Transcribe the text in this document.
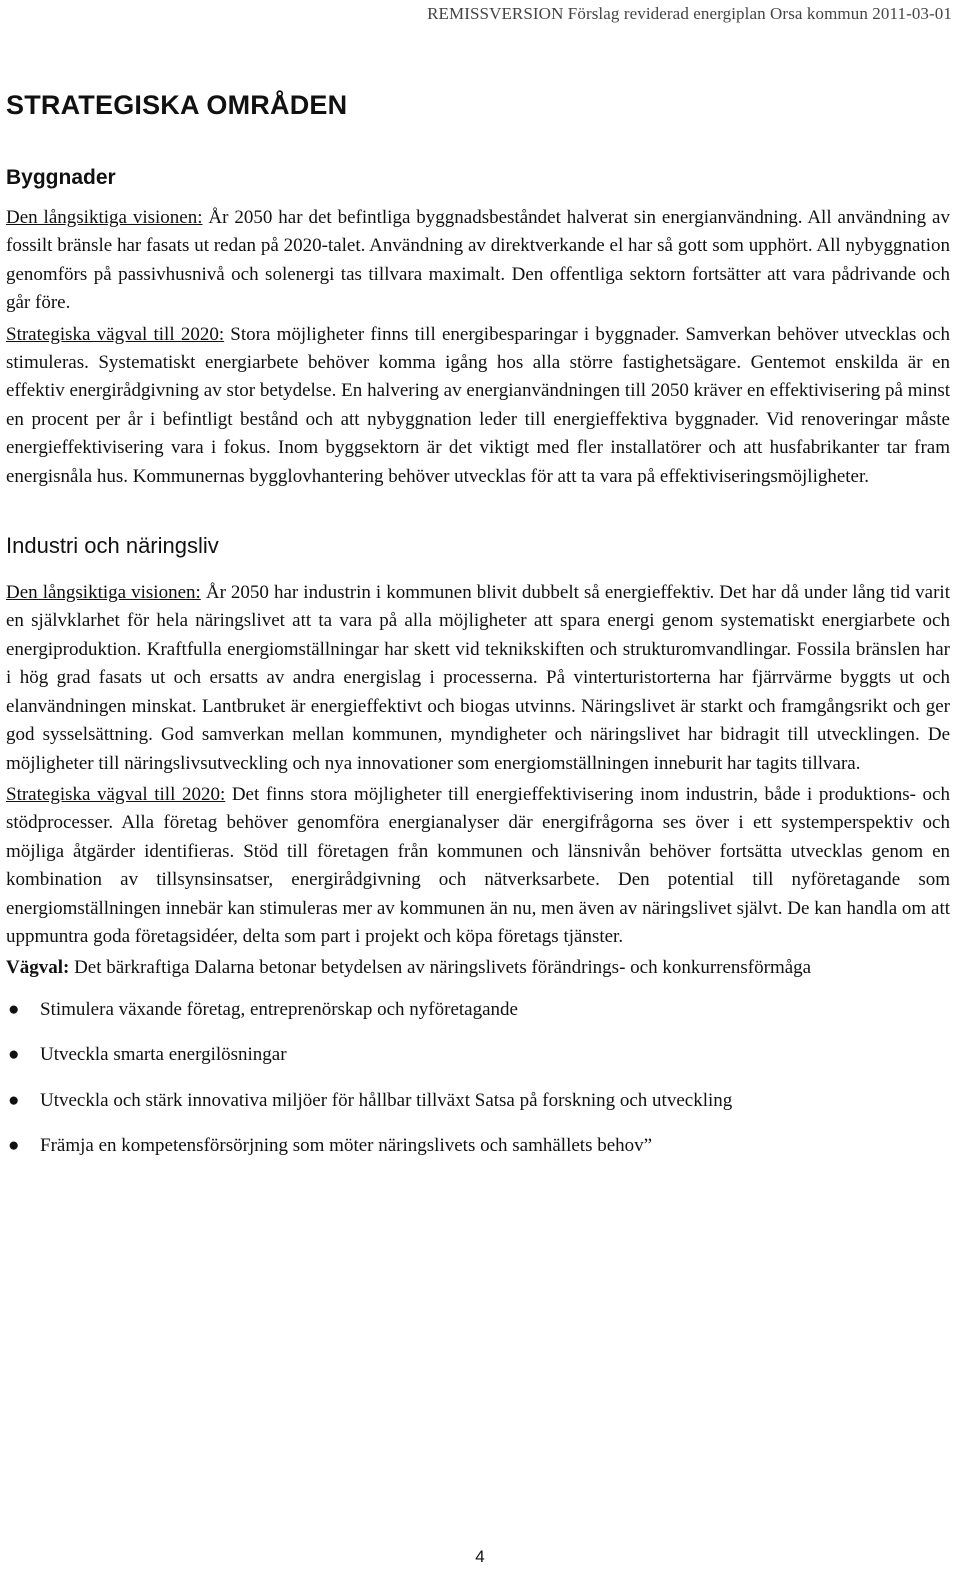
REMISSVERSION Förslag reviderad energiplan Orsa kommun 2011-03-01
STRATEGISKA OMRÅDEN
Byggnader

Den långsiktiga visionen: År 2050 har det befintliga byggnadsbeståndet halverat sin energianvändning. All användning av fossilt bränsle har fasats ut redan på 2020-talet. Användning av direktverkande el har så gott som upphört. All nybyggnation genomförs på passivhusnivå och solenergi tas tillvara maximalt. Den offentliga sektorn fortsätter att vara pådrivande och går före.

Strategiska vägval till 2020: Stora möjligheter finns till energibesparingar i byggnader. Samverkan behöver utvecklas och stimuleras. Systematiskt energiarbete behöver komma igång hos alla större fastighetsägare. Gentemot enskilda är en effektiv energirådgivning av stor betydelse. En halvering av energianvändningen till 2050 kräver en effektivisering på minst en procent per år i befintligt bestånd och att nybyggnation leder till energieffektiva byggnader. Vid renoveringar måste energieffektivisering vara i fokus. Inom byggsektorn är det viktigt med fler installatörer och att husfabrikanter tar fram energisnåla hus. Kommunernas bygglovhantering behöver utvecklas för att ta vara på effektiviseringsmöjligheter.

Industri och näringsliv

Den långsiktiga visionen: År 2050 har industrin i kommunen blivit dubbelt så energieffektiv. Det har då under lång tid varit en självklarhet för hela näringslivet att ta vara på alla möjligheter att spara energi genom systematiskt energiarbete och energiproduktion. Kraftfulla energiomställningar har skett vid teknikskiften och strukturomvandlingar. Fossila bränslen har i hög grad fasats ut och ersatts av andra energislag i processerna. På vinterturistorterna har fjärrvärme byggts ut och elanvändningen minskat. Lantbruket är energieffektivt och biogas utvinns. Näringslivet är starkt och framgångsrikt och ger god sysselsättning. God samverkan mellan kommunen, myndigheter och näringslivet har bidragit till utvecklingen. De möjligheter till näringslivsutveckling och nya innovationer som energiomställningen inneburit har tagits tillvara.

Strategiska vägval till 2020: Det finns stora möjligheter till energieffektivisering inom industrin, både i produktions- och stödprocesser. Alla företag behöver genomföra energianalyser där energifrågorna ses över i ett systemperspektiv och möjliga åtgärder identifieras. Stöd till företagen från kommunen och länsnivån behöver fortsätta utvecklas genom en kombination av tillsynsinsatser, energirådgivning och nätverksarbete. Den potential till nyföretagande som energiomställningen innebär kan stimuleras mer av kommunen än nu, men även av näringslivet självt. De kan handla om att uppmuntra goda företagsidéer, delta som part i projekt och köpa företags tjänster.

Vägval: Det bärkraftiga Dalarna betonar betydelsen av näringslivets förändrings- och konkurrensförmåga

● Stimulera växande företag, entreprenörskap och nyföretagande
● Utveckla smarta energilösningar
● Utveckla och stärk innovativa miljöer för hållbar tillväxt Satsa på forskning och utveckling
● Främja en kompetensförsörjning som möter näringslivets och samhällets behov”
4
